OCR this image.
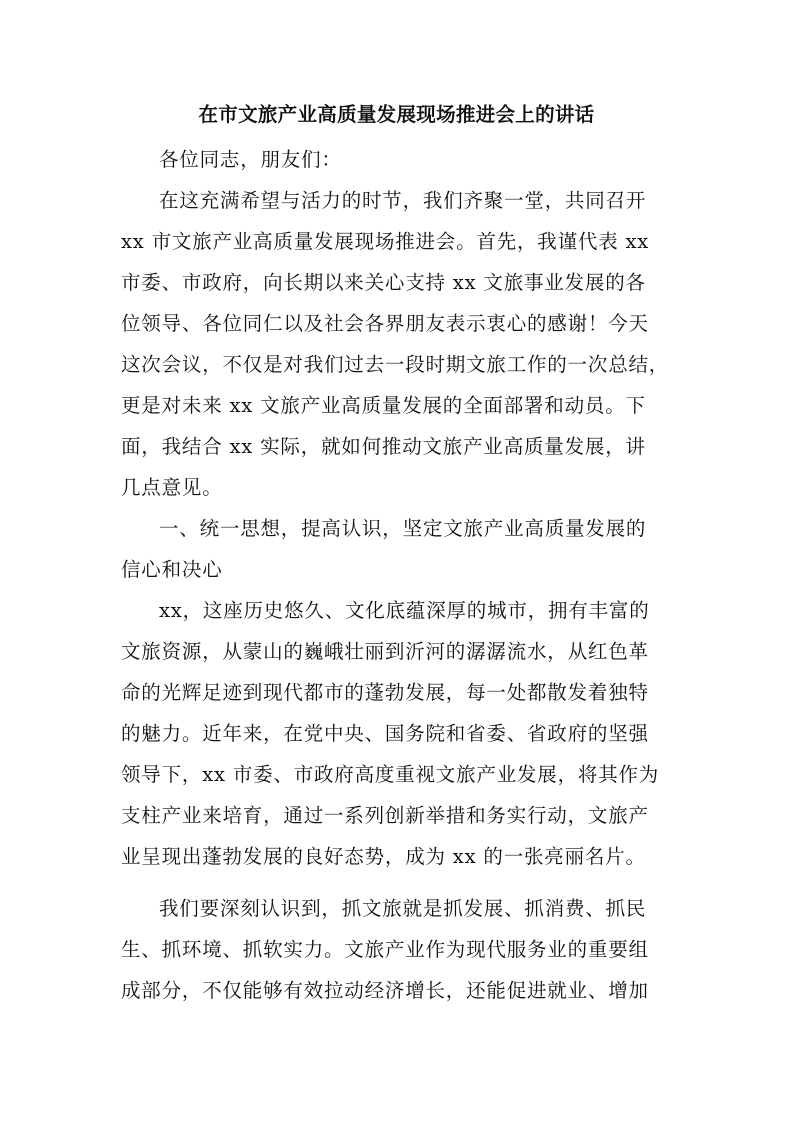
在市文旅产业高质量发展现场推进会上的讲话
各位同志，朋友们：
在这充满希望与活力的时节，我们齐聚一堂，共同召开
xx 市文旅产业高质量发展现场推进会。首先，我谨代表 xx
市委、市政府，向长期以来关心支持 xx 文旅事业发展的各
位领导、各位同仁以及社会各界朋友表示衷心的感谢！今天
这次会议，不仅是对我们过去一段时期文旅工作的一次总结，
更是对未来 xx 文旅产业高质量发展的全面部署和动员。下
面，我结合 xx 实际，就如何推动文旅产业高质量发展，讲
几点意见。
一、统一思想，提高认识，坚定文旅产业高质量发展的
信心和决心
xx，这座历史悠久、文化底蕴深厚的城市，拥有丰富的
文旅资源，从蒙山的巍峨壮丽到沂河的潺潺流水，从红色革
命的光辉足迹到现代都市的蓬勃发展，每一处都散发着独特
的魅力。近年来，在党中央、国务院和省委、省政府的坚强
领导下，xx 市委、市政府高度重视文旅产业发展，将其作为
支柱产业来培育，通过一系列创新举措和务实行动，文旅产
业呈现出蓬勃发展的良好态势，成为 xx 的一张亮丽名片。
我们要深刻认识到，抓文旅就是抓发展、抓消费、抓民
生、抓环境、抓软实力。文旅产业作为现代服务业的重要组
成部分，不仅能够有效拉动经济增长，还能促进就业、增加
